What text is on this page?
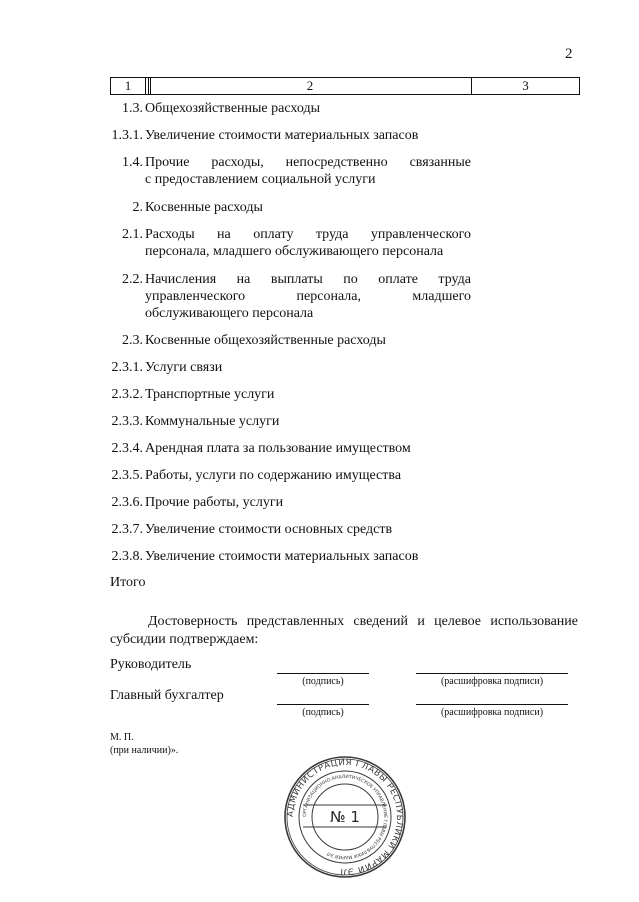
2
1	2	3
1.3. Общехозяйственные расходы
1.3.1. Увеличение стоимости материальных запасов
1.4. Прочие расходы, непосредственно связанные
с предоставлением социальной услуги
2. Косвенные расходы
2.1. Расходы на оплату труда управленческого
персонала, младшего обслуживающего персонала
2.2. Начисления на выплаты по оплате труда
управленческого персонала, младшего
обслуживающего персонала
2.3. Косвенные общехозяйственные расходы
2.3.1. Услуги связи
2.3.2. Транспортные услуги
2.3.3. Коммунальные услуги
2.3.4. Арендная плата за пользование имуществом
2.3.5. Работы, услуги по содержанию имущества
2.3.6. Прочие работы, услуги
2.3.7. Увеличение стоимости основных средств
2.3.8. Увеличение стоимости материальных запасов
Итого
Достоверность представленных сведений и целевое использование
субсидии подтверждаем:
Руководитель
(подпись)	(расшифровка подписи)
Главный бухгалтер
(подпись)	(расшифровка подписи)
М. П.
(при наличии)».
АДМИНИСТРАЦИЯ ГЛАВЫ РЕСПУБЛИКИ МАРИЙ ЭЛ
ОРГАНИЗАЦИОННО-АНАЛИТИЧЕСКОЕ УПРАВЛЕНИЕ ГЛАВЫ РЕСПУБЛИКИ МАРИЙ ЭЛ
№ 1
